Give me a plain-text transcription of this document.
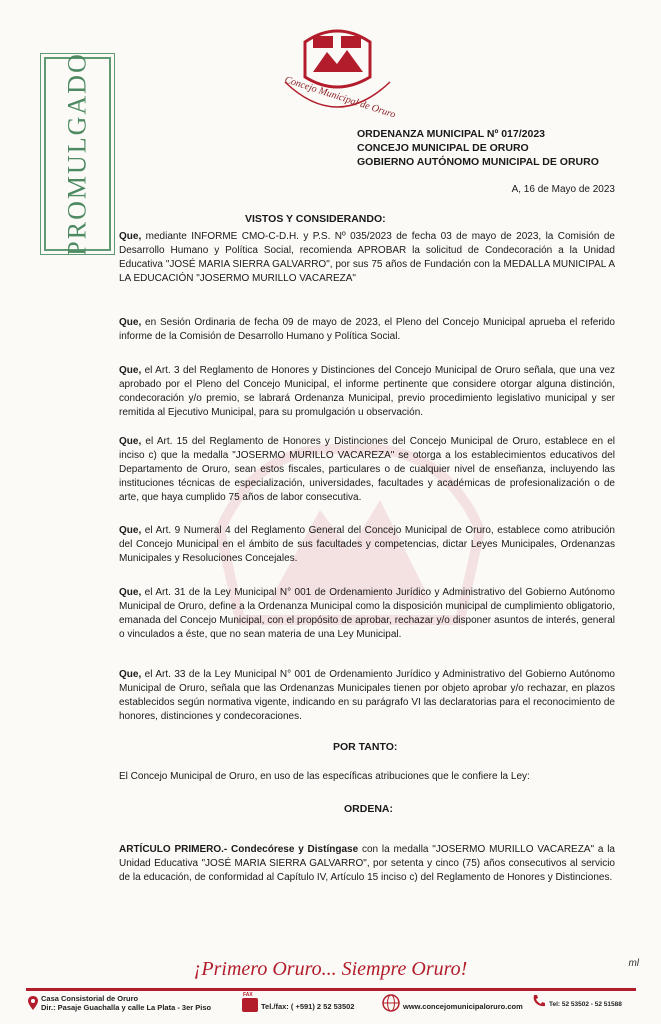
PROMULGADO	Concejo Municipal de Oruro
ORDENANZA MUNICIPAL Nº 017/2023
CONCEJO MUNICIPAL DE ORURO
GOBIERNO AUTÓNOMO MUNICIPAL DE ORURO
A, 16 de Mayo de 2023
VISTOS Y CONSIDERANDO:

Que, mediante INFORME CMO-C-D.H. y P.S. Nº 035/2023 de fecha 03 de mayo de 2023, la Comisión de Desarrollo Humano y Política Social, recomienda APROBAR la solicitud de Condecoración a la Unidad Educativa "JOSÉ MARIA SIERRA GALVARRO", por sus 75 años de Fundación con la MEDALLA MUNICIPAL A LA EDUCACIÓN "JOSERMO MURILLO VACAREZA"

Que, en Sesión Ordinaria de fecha 09 de mayo de 2023, el Pleno del Concejo Municipal aprueba el referido informe de la Comisión de Desarrollo Humano y Política Social.

Que, el Art. 3 del Reglamento de Honores y Distinciones del Concejo Municipal de Oruro señala, que una vez aprobado por el Pleno del Concejo Municipal, el informe pertinente que considere otorgar alguna distinción, condecoración y/o premio, se labrará Ordenanza Municipal, previo procedimiento legislativo municipal y ser remitida al Ejecutivo Municipal, para su promulgación u observación.

Que, el Art. 15 del Reglamento de Honores y Distinciones del Concejo Municipal de Oruro, establece en el inciso c) que la medalla "JOSERMO MURILLO VACAREZA" se otorga a los establecimientos educativos del Departamento de Oruro, sean estos fiscales, particulares o de cualquier nivel de enseñanza, incluyendo las instituciones técnicas de especialización, universidades, facultades y académicas de profesionalización o de arte, que haya cumplido 75 años de labor consecutiva.

Que, el Art. 9 Numeral 4 del Reglamento General del Concejo Municipal de Oruro, establece como atribución del Concejo Municipal en el ámbito de sus facultades y competencias, dictar Leyes Municipales, Ordenanzas Municipales y Resoluciones Concejales.

Que, el Art. 31 de la Ley Municipal N° 001 de Ordenamiento Jurídico y Administrativo del Gobierno Autónomo Municipal de Oruro, define a la Ordenanza Municipal como la disposición municipal de cumplimiento obligatorio, emanada del Concejo Municipal, con el propósito de aprobar, rechazar y/o disponer asuntos de interés, general o vinculados a éste, que no sean materia de una Ley Municipal.

Que, el Art. 33 de la Ley Municipal N° 001 de Ordenamiento Jurídico y Administrativo del Gobierno Autónomo Municipal de Oruro, señala que las Ordenanzas Municipales tienen por objeto aprobar y/o rechazar, en plazos establecidos según normativa vigente, indicando en su parágrafo VI las declaratorias para el reconocimiento de honores, distinciones y condecoraciones.

POR TANTO:

El Concejo Municipal de Oruro, en uso de las específicas atribuciones que le confiere la Ley:

ORDENA:

ARTÍCULO PRIMERO.- Condecórese y Distíngase con la medalla "JOSERMO MURILLO VACAREZA" a la Unidad Educativa "JOSÉ MARIA SIERRA GALVARRO", por setenta y cinco (75) años consecutivos al servicio de la educación, de conformidad al Capítulo IV, Artículo 15 inciso c) del Reglamento de Honores y Distinciones.

¡Primero Oruro... Siempre Oruro!	ml
Casa Consistorial de Oruro
Dir.: Pasaje Guachalla y calle La Plata - 3er Piso
FAX
Tel./fax: ( +591) 2 52 53502	www.concejomunicipaloruro.com	Tel: 52 53502 - 52 51588
